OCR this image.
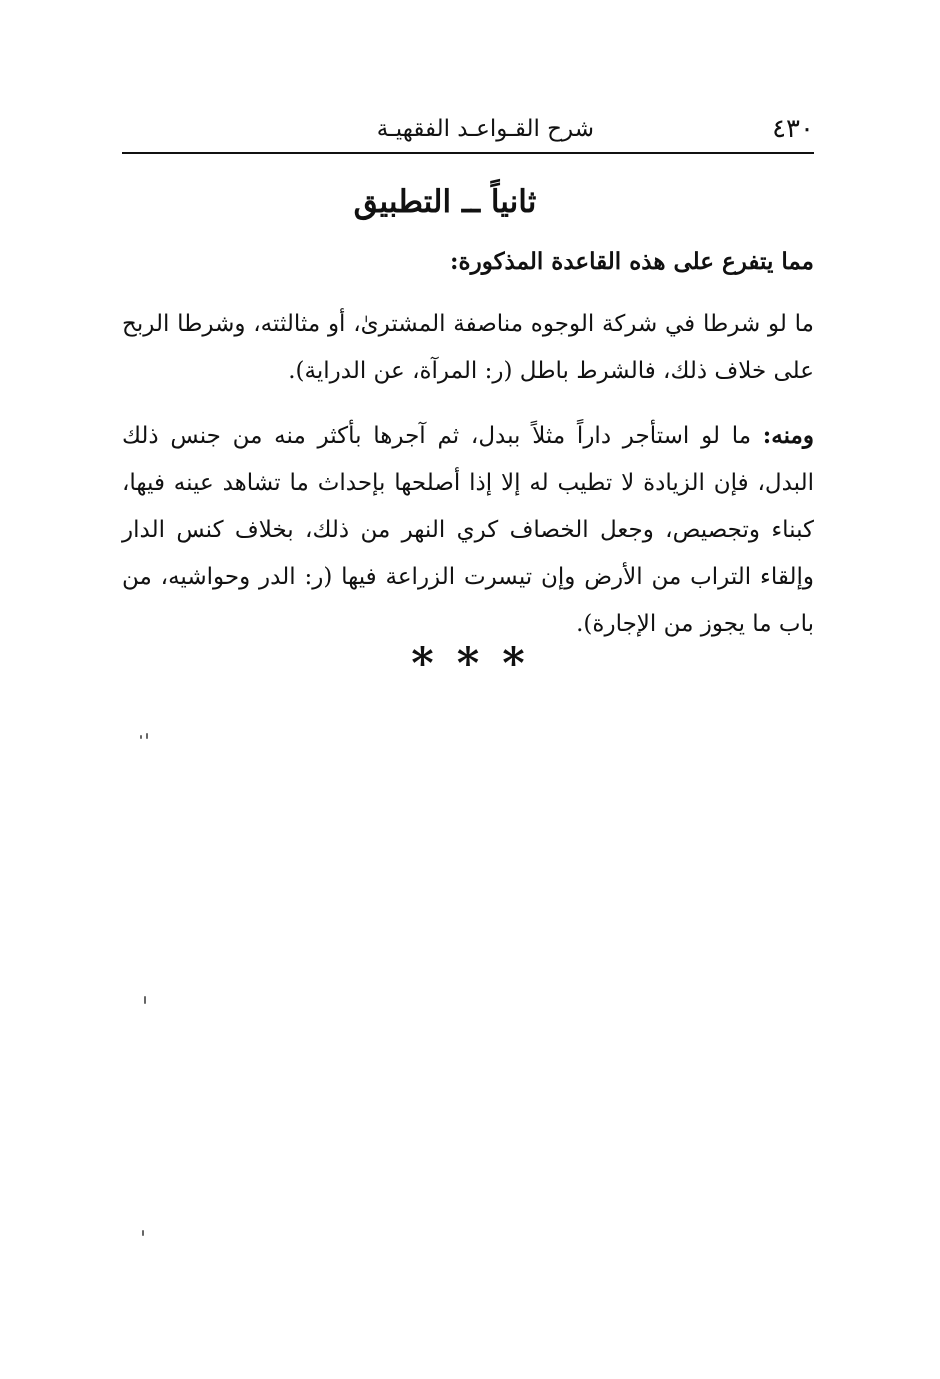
٤٣٠
شرح القـواعـد الفقهيـة
ثانياً ــ التطبيق

مما يتفرع على هذه القاعدة المذكورة:

ما لو شرطا في شركة الوجوه مناصفة المشترىٰ، أو مثالثته، وشرطا الربح على خلاف ذلك، فالشرط باطل (ر: المرآة، عن الدراية).

ومنه: ما لو استأجر داراً مثلاً ببدل، ثم آجرها بأكثر منه من جنس ذلك البدل، فإن الزيادة لا تطيب له إلا إذا أصلحها بإحداث ما تشاهد عينه فيها، كبناء وتجصيص، وجعل الخصاف كري النهر من ذلك، بخلاف كنس الدار وإلقاء التراب من الأرض وإن تيسرت الزراعة فيها (ر: الدر وحواشيه، من باب ما يجوز من الإجارة).

* * *
